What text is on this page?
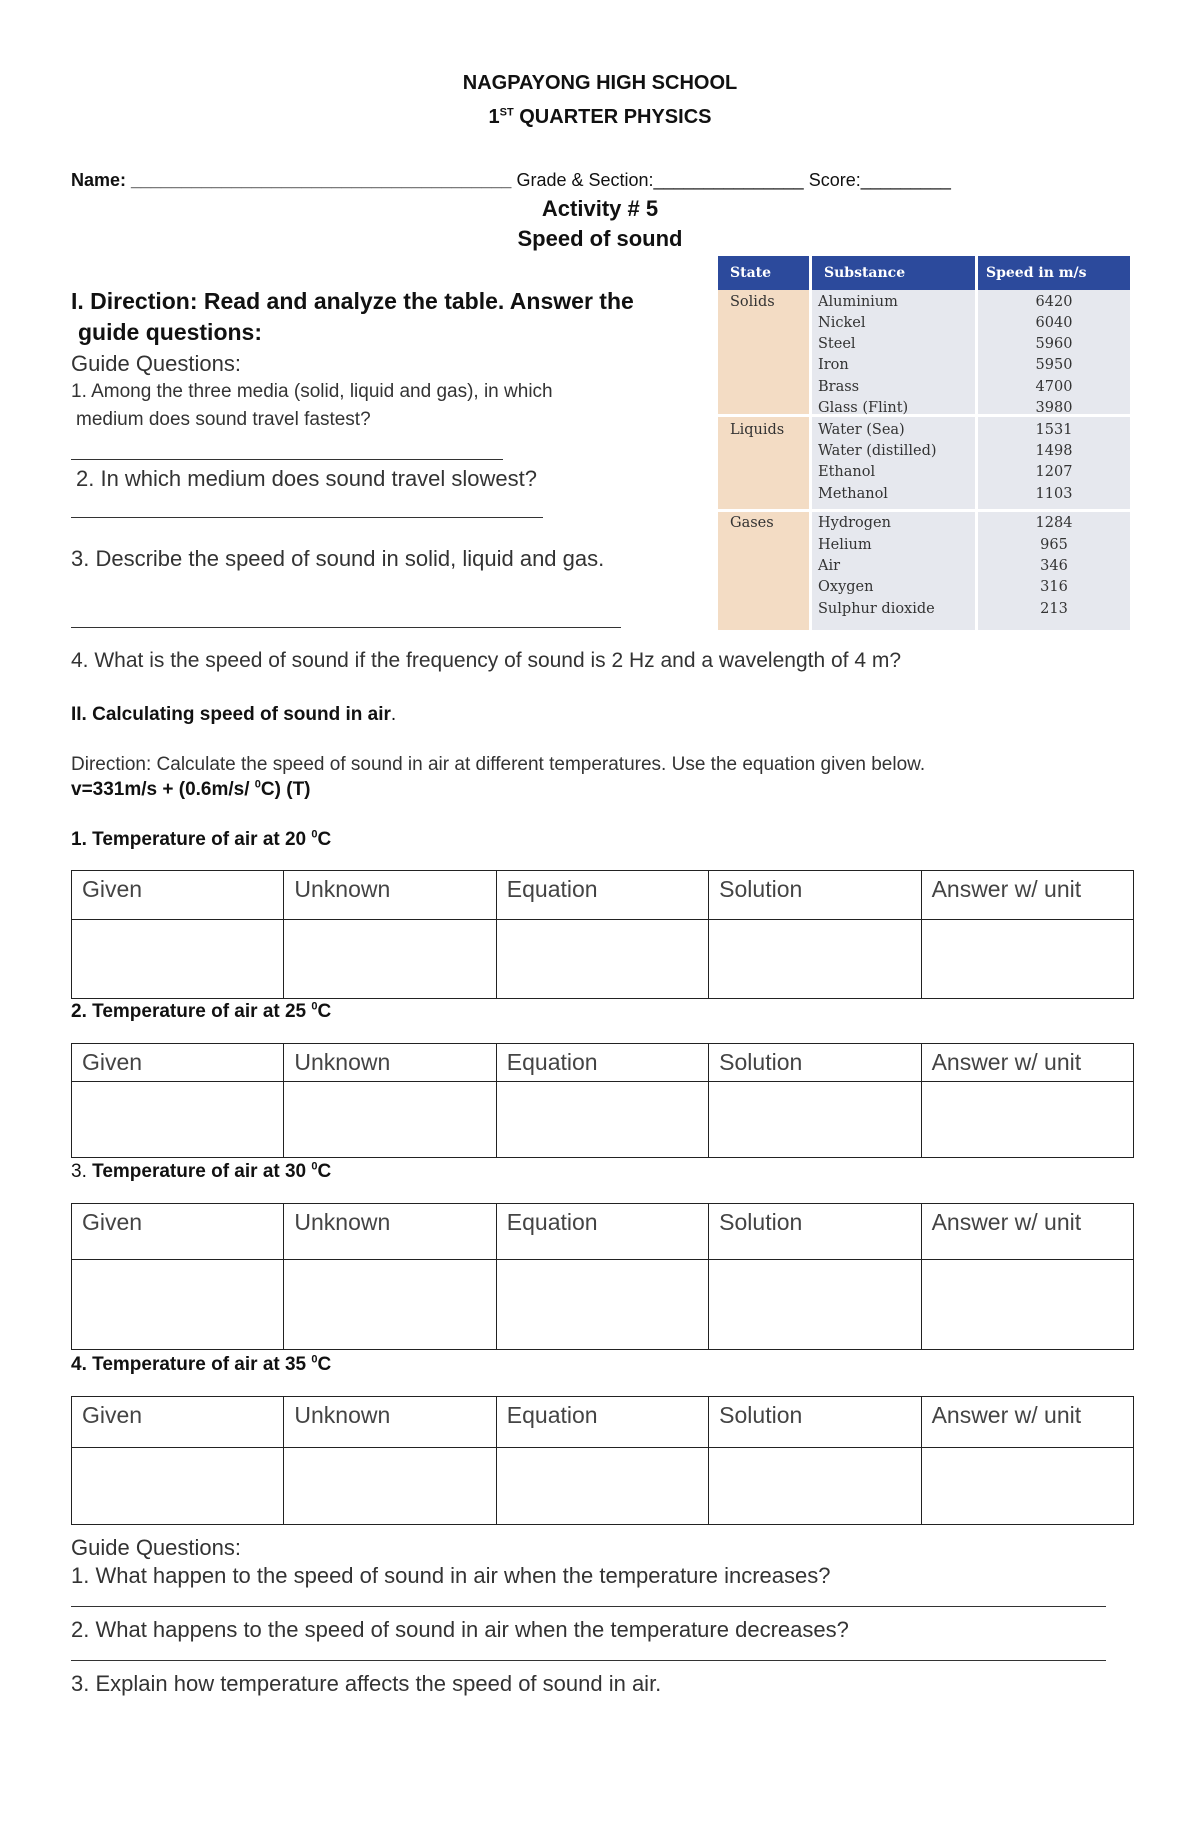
NAGPAYONG HIGH SCHOOL
1ST QUARTER PHYSICS
Name: ______________________________________ Grade & Section:_______________ Score:_________
Activity # 5
Speed of sound
I. Direction: Read and analyze the table. Answer the
guide questions:
Guide Questions:
1. Among the three media (solid, liquid and gas), in which
medium does sound travel fastest?
2. In which medium does sound travel slowest?
3. Describe the speed of sound in solid, liquid and gas.
4. What is the speed of sound if the frequency of sound is 2 Hz and a wavelength of 4 m?
State	Substance	Speed in m/s
Solids	Aluminium	6420
Nickel	6040
Steel	5960
Iron	5950
Brass	4700
Glass (Flint)	3980
Liquids Water (Sea)	1531
Water (distilled)	1498
Ethanol	1207
Methanol	1103
Gases	Hydrogen	1284
Helium	965
Air	346
Oxygen	316
Sulphur dioxide	213
II. Calculating speed of sound in air.
Direction: Calculate the speed of sound in air at different temperatures. Use the equation given below.
v=331m/s + (0.6m/s/ $^0$C) (T)
1. Temperature of air at 20 $^0$C
Given	Unknown	Equation	Solution	Answer w/ unit

2. Temperature of air at 25 $^0$C
Given	Unknown	Equation	Solution	Answer w/ unit

3. Temperature of air at 30 $^0$C
Given	Unknown	Equation	Solution	Answer w/ unit

4. Temperature of air at 35 $^0$C
Given	Unknown	Equation	Solution	Answer w/ unit

Guide Questions:
1. What happen to the speed of sound in air when the temperature increases?
2. What happens to the speed of sound in air when the temperature decreases?
3. Explain how temperature affects the speed of sound in air.
